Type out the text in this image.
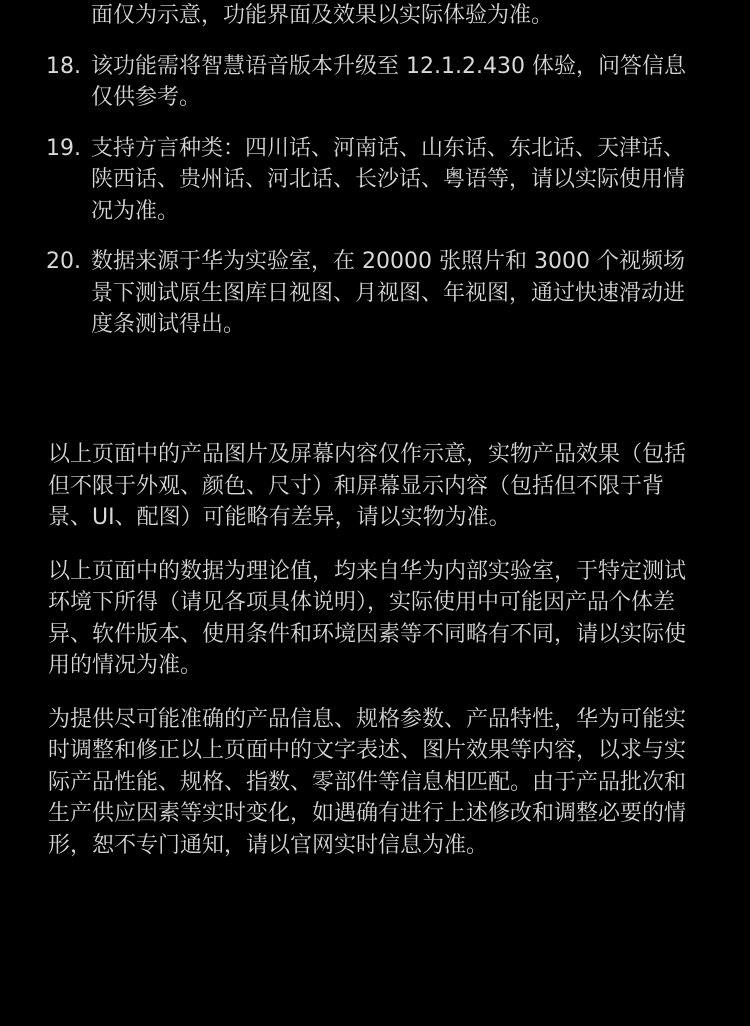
面仅为示意，功能界面及效果以实际体验为准。
18. 该功能需将智慧语音版本升级至 12.1.2.430 体验，问答信息仅供参考。
19. 支持方言种类：四川话、河南话、山东话、东北话、天津话、陕西话、贵州话、河北话、长沙话、粤语等，请以实际使用情况为准。
20. 数据来源于华为实验室，在 20000 张照片和 3000 个视频场景下测试原生图库日视图、月视图、年视图，通过快速滑动进度条测试得出。

以上页面中的产品图片及屏幕内容仅作示意，实物产品效果（包括但不限于外观、颜色、尺寸）和屏幕显示内容（包括但不限于背景、UI、配图）可能略有差异，请以实物为准。

以上页面中的数据为理论值，均来自华为内部实验室，于特定测试环境下所得（请见各项具体说明），实际使用中可能因产品个体差异、软件版本、使用条件和环境因素等不同略有不同，请以实际使用的情况为准。

为提供尽可能准确的产品信息、规格参数、产品特性，华为可能实时调整和修正以上页面中的文字表述、图片效果等内容，以求与实际产品性能、规格、指数、零部件等信息相匹配。由于产品批次和生产供应因素等实时变化，如遇确有进行上述修改和调整必要的情形，恕不专门通知，请以官网实时信息为准。
